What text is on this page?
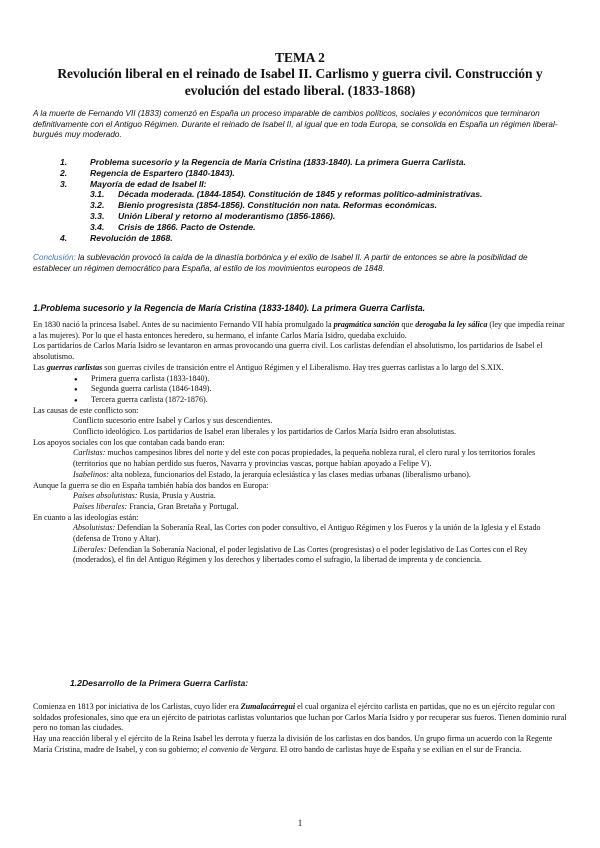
TEMA 2
Revolución liberal en el reinado de Isabel II. Carlismo y guerra civil. Construcción y evolución del estado liberal. (1833-1868)
A la muerte de Fernando VII (1833) comenzó en España un proceso imparable de cambios políticos, sociales y económicos que terminaron definitivamente con el Antiguo Régimen. Durante el reinado de Isabel II, al igual que en toda Europa, se consolida en España un régimen liberal-burgués muy moderado.
1.	Problema sucesorio y la Regencia de María Cristina (1833-1840). La primera Guerra Carlista.
2.	Regencia de Espartero (1840-1843).
3.	Mayoría de edad de Isabel II:
3.1. Década moderada. (1844-1854). Constitución de 1845 y reformas político-administrativas.
3.2. Bienio progresista (1854-1856). Constitución non nata. Reformas económicas.
3.3. Unión Liberal y retorno al moderantismo (1856-1866).
3.4. Crisis de 1866. Pacto de Ostende.
4.	Revolución de 1868.
Conclusión: la sublevación provocó la caída de la dinastía borbónica y el exilio de Isabel II. A partir de entonces se abre la posibilidad de establecer un régimen democrático para España, al estilo de los movimientos europeos de 1848.
1.Problema sucesorio y la Regencia de María Cristina (1833-1840). La primera Guerra Carlista.

En 1830 nació la princesa Isabel. Antes de su nacimiento Fernando VII había promulgado la pragmática sanción que derogaba la ley sálica (ley que impedía reinar a las mujeres). Por lo que el hasta entonces heredero, su hermano, el infante Carlos María Isidro, quedaba excluido.

Los partidarios de Carlos María Isidro se levantaron en armas provocando una guerra civil. Los carlistas defendían el absolutismo, los partidarios de Isabel el absolutismo.

Las guerras carlistas son guerras civiles de transición entre el Antiguo Régimen y el Liberalismo. Hay tres guerras carlistas a lo largo del S.XIX.

● Primera guerra carlista (1833-1840).
● Segunda guerra carlista (1846-1849).
● Tercera guerra carlista (1872-1876).

Las causas de este conflicto son:

Conflicto sucesorio entre Isabel y Carlos y sus descendientes.

Conflicto ideológico. Los partidarios de Isabel eran liberales y los partidarios de Carlos María Isidro eran absolutistas.

Los apoyos sociales con los que contaban cada bando eran:

Carlistas: muchos campesinos libres del norte y del este con pocas propiedades, la pequeña nobleza rural, el clero rural y los territorios forales (territorios que no habían perdido sus fueros, Navarra y provincias vascas, porque habían apoyado a Felipe V).

Isabelinos: alta nobleza, funcionarios del Estado, la jerarquía eclesiástica y las clases medias urbanas (liberalismo urbano).

Aunque la guerra se dio en España también había dos bandos en Europa:

Países absolutistas: Rusia, Prusia y Austria.

Países liberales: Francia, Gran Bretaña y Portugal.

En cuanto a las ideologías están:

Absolutistas: Defendían la Soberanía Real, las Cortes con poder consultivo, el Antiguo Régimen y los Fueros y la unión de la Iglesia y el Estado (defensa de Trono y Altar).

Liberales: Defendían la Soberanía Nacional, el poder legislativo de Las Cortes (progresistas) o el poder legislativo de Las Cortes con el Rey (moderados), el fin del Antiguo Régimen y los derechos y libertades como el sufragio, la libertad de imprenta y de conciencia.

1.2Desarrollo de la Primera Guerra Carlista:

Comienza en 1813 por iniciativa de los Carlistas, cuyo líder era Zumalacárregui el cual organiza el ejército carlista en partidas, que no es un ejército regular con soldados profesionales, sino que era un ejército de patriotas carlistas voluntarios que luchan por Carlos María Isidro y por recuperar sus fueros. Tienen dominio rural pero no toman las ciudades.

Hay una reacción liberal y el ejército de la Reina Isabel les derrota y fuerza la división de los carlistas en dos bandos. Un grupo firma un acuerdo con la Regente María Cristina, madre de Isabel, y con su gobierno; el convenio de Vergara. El otro bando de carlistas huye de España y se exilian en el sur de Francia.

1
